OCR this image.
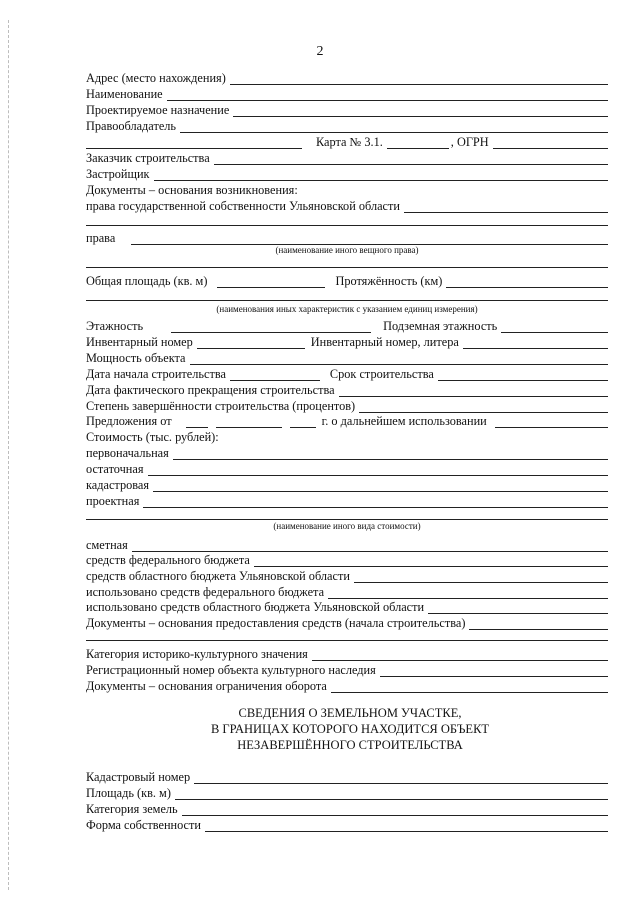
2
Адрес (место нахождения)
Наименование
Проектируемое назначение
Правообладатель
Карта № 3.1.	, ОГРН
Заказчик строительства
Застройщик
Документы – основания возникновения:
права государственной собственности Ульяновской области
права
(наименование иного вещного права)
Общая площадь (кв. м)	Протяжённость (км)
(наименования иных характеристик с указанием единиц измерения)
Этажность	Подземная этажность
Инвентарный номер	Инвентарный номер, литера
Мощность объекта
Дата начала строительства	Срок строительства
Дата фактического прекращения строительства
Степень завершённости строительства (процентов)
Предложения от	г. о дальнейшем использовании
Стоимость (тыс. рублей):
первоначальная
остаточная
кадастровая
проектная
(наименование иного вида стоимости)
сметная
средств федерального бюджета
средств областного бюджета Ульяновской области
использовано средств федерального бюджета
использовано средств областного бюджета Ульяновской области
Документы – основания предоставления средств (начала строительства)
Категория историко-культурного значения
Регистрационный номер объекта культурного наследия
Документы – основания ограничения оборота
СВЕДЕНИЯ О ЗЕМЕЛЬНОМ УЧАСТКЕ,
В ГРАНИЦАХ КОТОРОГО НАХОДИТСЯ ОБЪЕКТ
НЕЗАВЕРШЁННОГО СТРОИТЕЛЬСТВА
Кадастровый номер
Площадь (кв. м)
Категория земель
Форма собственности
